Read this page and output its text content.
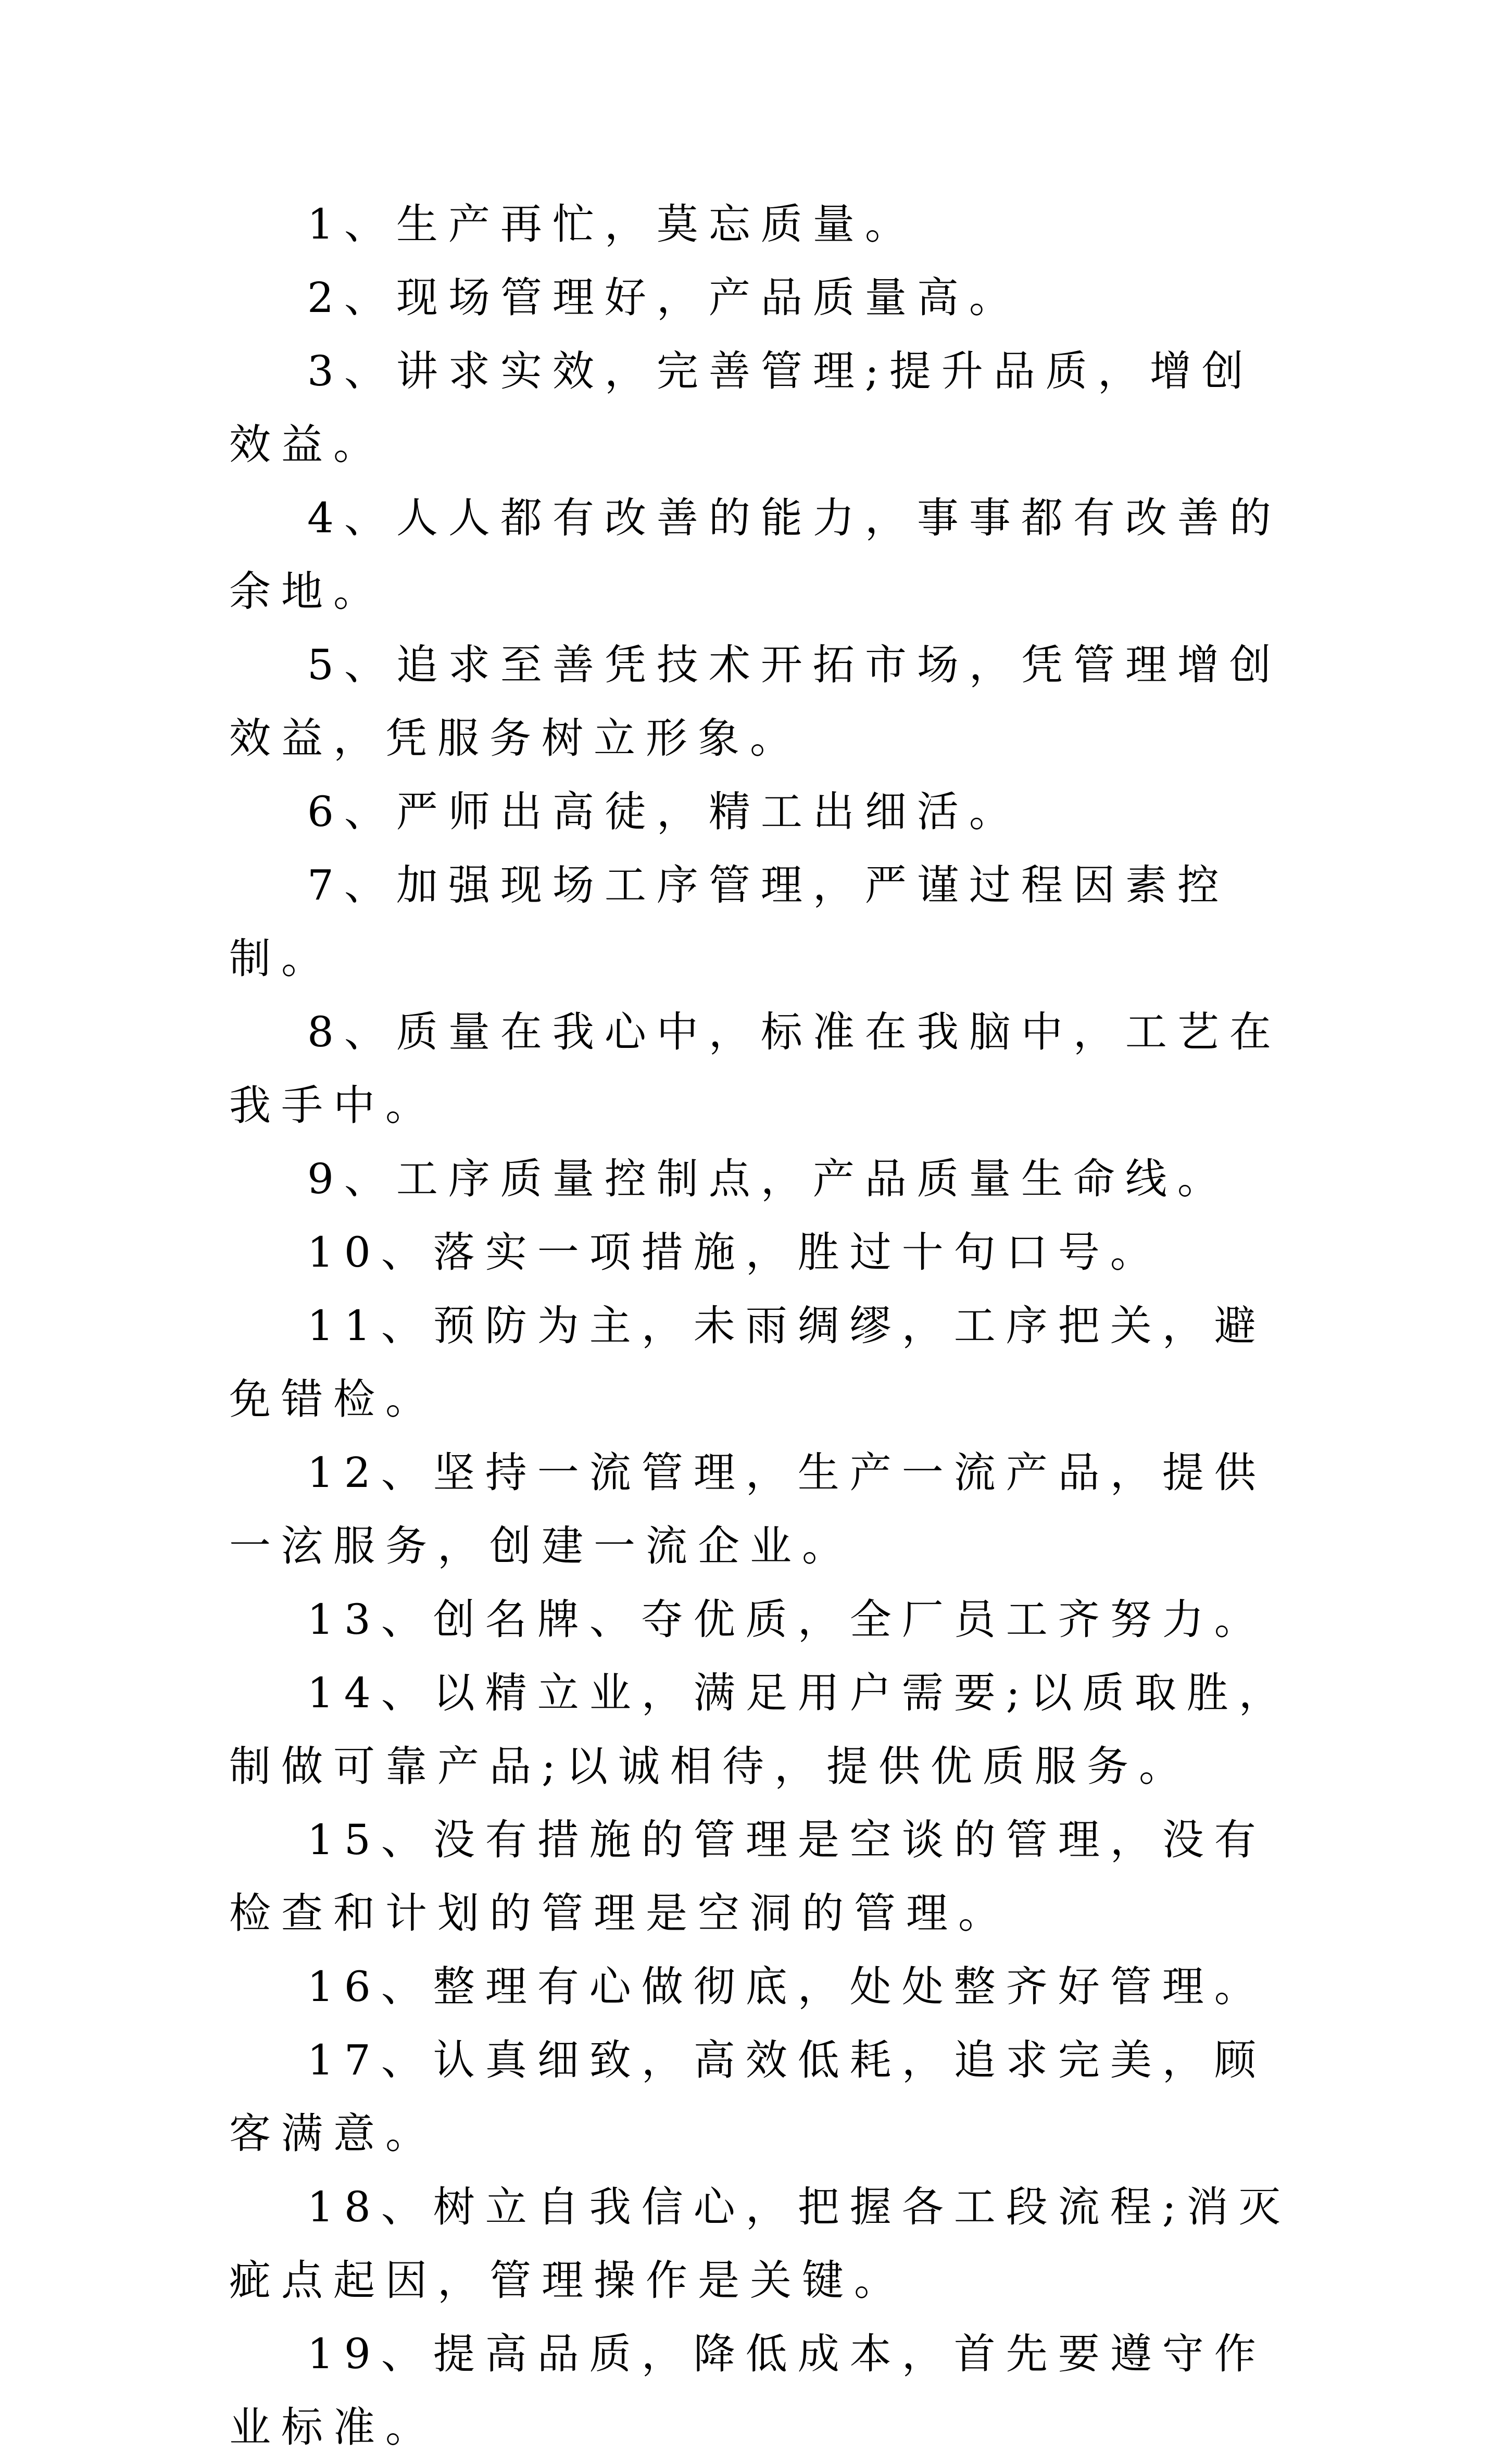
1、生产再忙，莫忘质量。

2、现场管理好，产品质量高。

3、讲求实效，完善管理;提升品质，增创效益。

4、人人都有改善的能力，事事都有改善的余地。

5、追求至善凭技术开拓市场，凭管理增创效益，凭服务树立形象。

6、严师出高徒，精工出细活。

7、加强现场工序管理，严谨过程因素控制。

8、质量在我心中，标准在我脑中，工艺在我手中。

9、工序质量控制点，产品质量生命线。

10、落实一项措施，胜过十句口号。

11、预防为主，未雨绸缪，工序把关，避免错检。

12、坚持一流管理，生产一流产品，提供一泫服务，创建一流企业。

13、创名牌、夺优质，全厂员工齐努力。

14、以精立业，满足用户需要;以质取胜，制做可靠产品;以诚相待，提供优质服务。

15、没有措施的管理是空谈的管理，没有检查和计划的管理是空洞的管理。

16、整理有心做彻底，处处整齐好管理。

17、认真细致，高效低耗，追求完美，顾客满意。

18、树立自我信心，把握各工段流程;消灭疵点起因，管理操作是关键。

19、提高品质，降低成本，首先要遵守作业标准。
